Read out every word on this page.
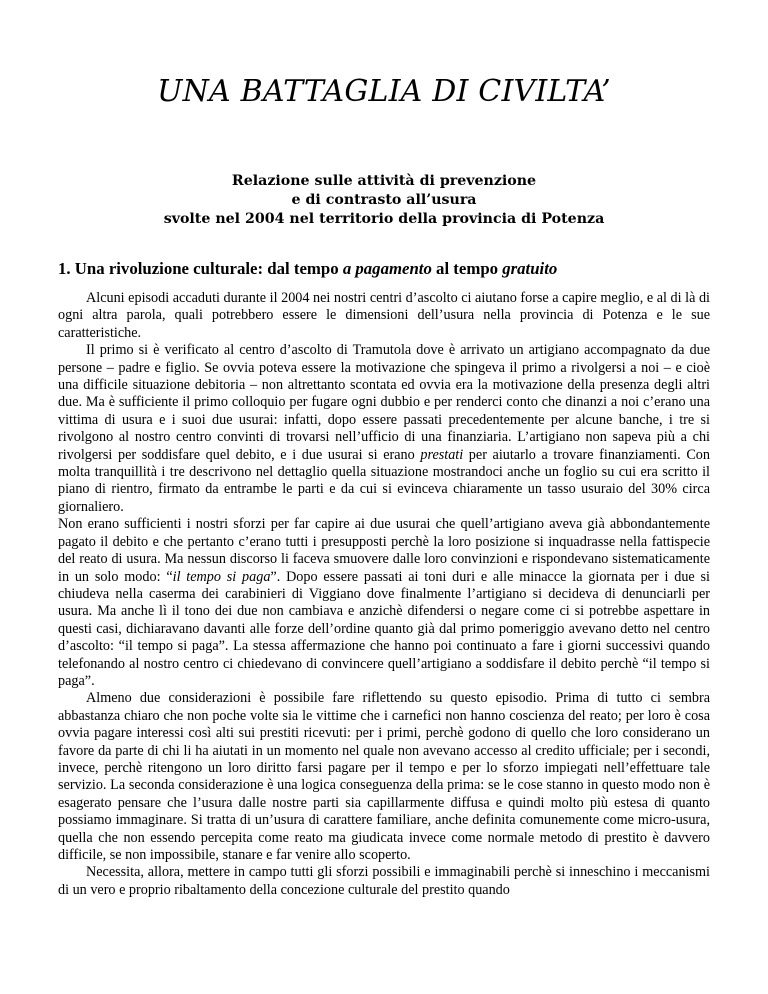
UNA BATTAGLIA DI CIVILTA’
Relazione sulle attività di prevenzione
e di contrasto all’usura
svolte nel 2004 nel territorio della provincia di Potenza
1. Una rivoluzione culturale: dal tempo a pagamento al tempo gratuito

Alcuni episodi accaduti durante il 2004 nei nostri centri d’ascolto ci aiutano forse a capire meglio, e al di là di ogni altra parola, quali potrebbero essere le dimensioni dell’usura nella provincia di Potenza e le sue caratteristiche.

Il primo si è verificato al centro d’ascolto di Tramutola dove è arrivato un artigiano accompagnato da due persone – padre e figlio. Se ovvia poteva essere la motivazione che spingeva il primo a rivolgersi a noi – e cioè una difficile situazione debitoria – non altrettanto scontata ed ovvia era la motivazione della presenza degli altri due. Ma è sufficiente il primo colloquio per fugare ogni dubbio e per renderci conto che dinanzi a noi c’erano una vittima di usura e i suoi due usurai: infatti, dopo essere passati precedentemente per alcune banche, i tre si rivolgono al nostro centro convinti di trovarsi nell’ufficio di una finanziaria. L’artigiano non sapeva più a chi rivolgersi per soddisfare quel debito, e i due usurai si erano prestati per aiutarlo a trovare finanziamenti. Con molta tranquillità i tre descrivono nel dettaglio quella situazione mostrandoci anche un foglio su cui era scritto il piano di rientro, firmato da entrambe le parti e da cui si evinceva chiaramente un tasso usuraio del 30% circa giornaliero.

Non erano sufficienti i nostri sforzi per far capire ai due usurai che quell’artigiano aveva già abbondantemente pagato il debito e che pertanto c’erano tutti i presupposti perchè la loro posizione si inquadrasse nella fattispecie del reato di usura. Ma nessun discorso li faceva smuovere dalle loro convinzioni e rispondevano sistematicamente in un solo modo: “il tempo si paga”. Dopo essere passati ai toni duri e alle minacce la giornata per i due si chiudeva nella caserma dei carabinieri di Viggiano dove finalmente l’artigiano si decideva di denunciarli per usura. Ma anche lì il tono dei due non cambiava e anzichè difendersi o negare come ci si potrebbe aspettare in questi casi, dichiaravano davanti alle forze dell’ordine quanto già dal primo pomeriggio avevano detto nel centro d’ascolto: “il tempo si paga”. La stessa affermazione che hanno poi continuato a fare i giorni successivi quando telefonando al nostro centro ci chiedevano di convincere quell’artigiano a soddisfare il debito perchè “il tempo si paga”.

Almeno due considerazioni è possibile fare riflettendo su questo episodio. Prima di tutto ci sembra abbastanza chiaro che non poche volte sia le vittime che i carnefici non hanno coscienza del reato; per loro è cosa ovvia pagare interessi così alti sui prestiti ricevuti: per i primi, perchè godono di quello che loro considerano un favore da parte di chi li ha aiutati in un momento nel quale non avevano accesso al credito ufficiale; per i secondi, invece, perchè ritengono un loro diritto farsi pagare per il tempo e per lo sforzo impiegati nell’effettuare tale servizio. La seconda considerazione è una logica conseguenza della prima: se le cose stanno in questo modo non è esagerato pensare che l’usura dalle nostre parti sia capillarmente diffusa e quindi molto più estesa di quanto possiamo immaginare. Si tratta di un’usura di carattere familiare, anche definita comunemente come micro-usura, quella che non essendo percepita come reato ma giudicata invece come normale metodo di prestito è davvero difficile, se non impossibile, stanare e far venire allo scoperto.

Necessita, allora, mettere in campo tutti gli sforzi possibili e immaginabili perchè si inneschino i meccanismi di un vero e proprio ribaltamento della concezione culturale del prestito quando
